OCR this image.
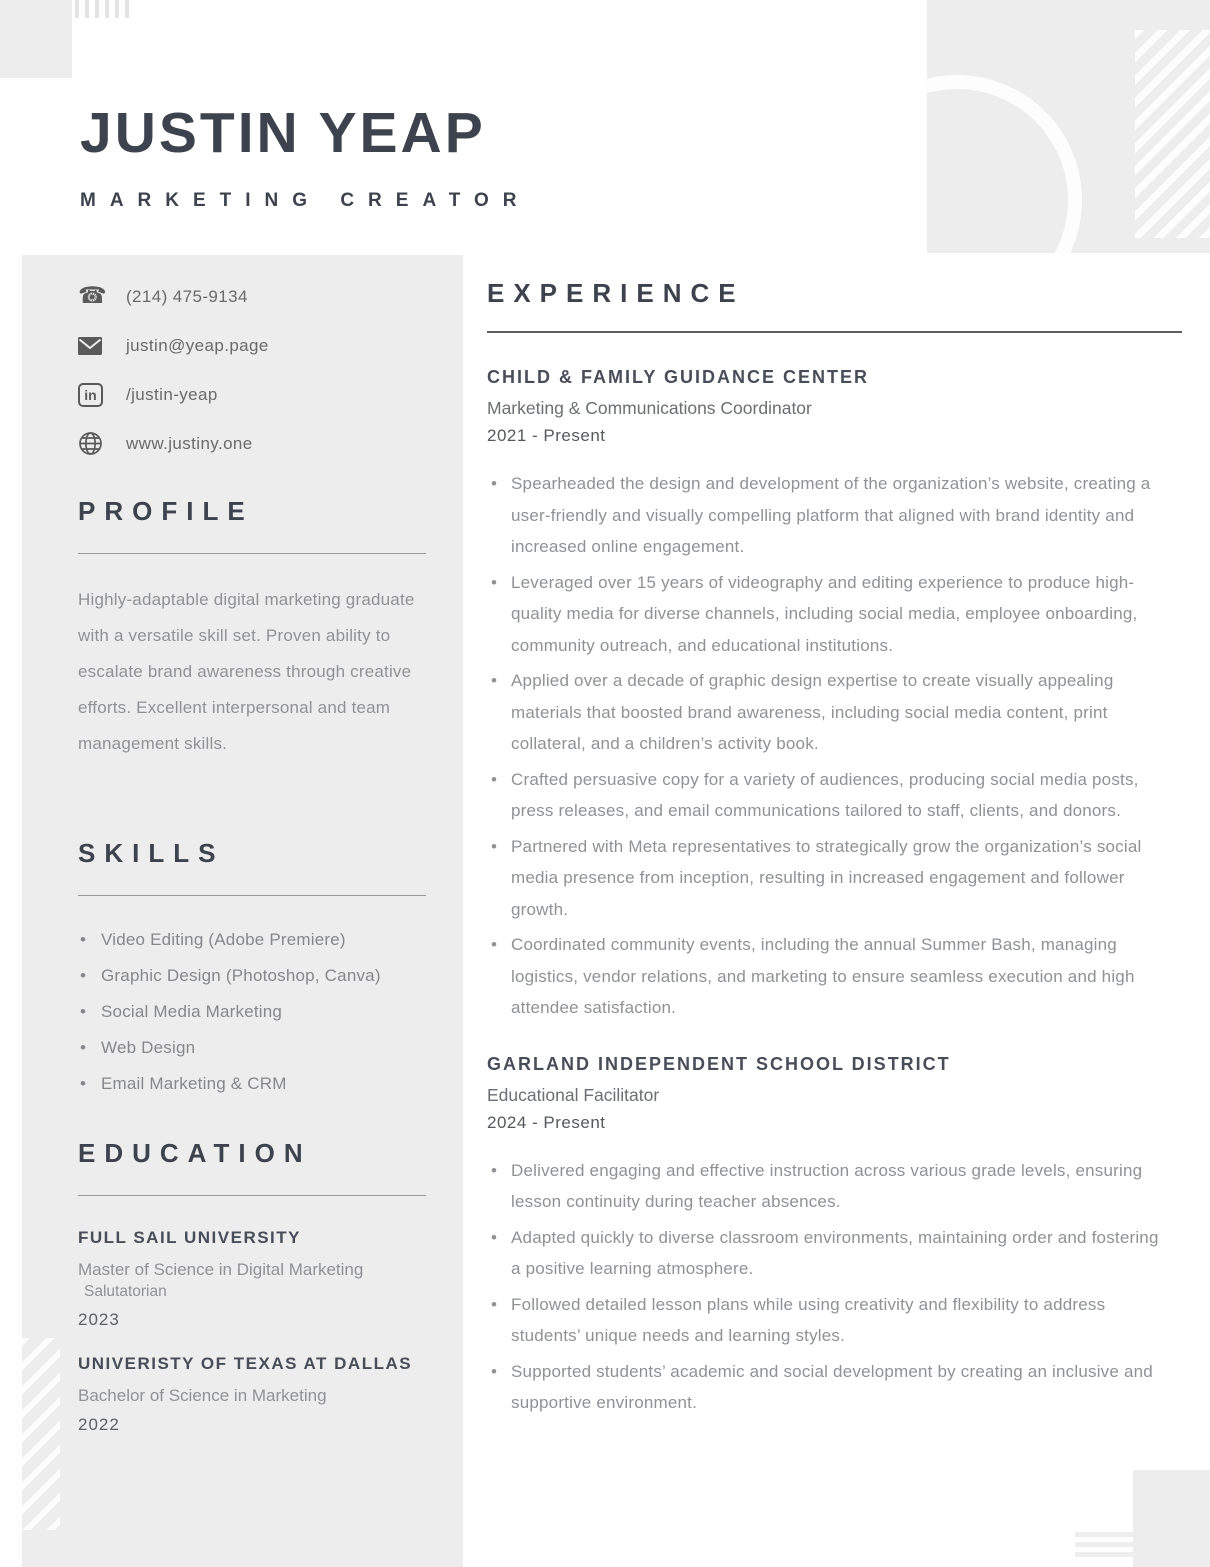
JUSTIN YEAP
MARKETING CREATOR
☎ (214) 475-9134
justin@yeap.page
in	/justin-yeap
www.justiny.one
PROFILE

Highly-adaptable digital marketing graduate with a versatile skill set. Proven ability to escalate brand awareness through creative efforts. Excellent interpersonal and team management skills.

SKILLS
• Video Editing (Adobe Premiere)
• Graphic Design (Photoshop, Canva)
• Social Media Marketing
• Web Design
• Email Marketing & CRM
EDUCATION
FULL SAIL UNIVERSITY
Master of Science in Digital Marketing
Salutatorian
2023
UNIVERISTY OF TEXAS AT DALLAS
Bachelor of Science in Marketing
2022
EXPERIENCE
CHILD & FAMILY GUIDANCE CENTER
Marketing & Communications Coordinator
2021 - Present
• Spearheaded the design and development of the organization’s website, creating a user-friendly and visually compelling platform that aligned with brand identity and increased online engagement.
• Leveraged over 15 years of videography and editing experience to produce high-quality media for diverse channels, including social media, employee onboarding, community outreach, and educational institutions.
• Applied over a decade of graphic design expertise to create visually appealing materials that boosted brand awareness, including social media content, print collateral, and a children’s activity book.
• Crafted persuasive copy for a variety of audiences, producing social media posts, press releases, and email communications tailored to staff, clients, and donors.
• Partnered with Meta representatives to strategically grow the organization’s social media presence from inception, resulting in increased engagement and follower growth.
• Coordinated community events, including the annual Summer Bash, managing logistics, vendor relations, and marketing to ensure seamless execution and high attendee satisfaction.
GARLAND INDEPENDENT SCHOOL DISTRICT
Educational Facilitator
2024 - Present
• Delivered engaging and effective instruction across various grade levels, ensuring lesson continuity during teacher absences.
• Adapted quickly to diverse classroom environments, maintaining order and fostering a positive learning atmosphere.
• Followed detailed lesson plans while using creativity and flexibility to address students’ unique needs and learning styles.
• Supported students’ academic and social development by creating an inclusive and supportive environment.
